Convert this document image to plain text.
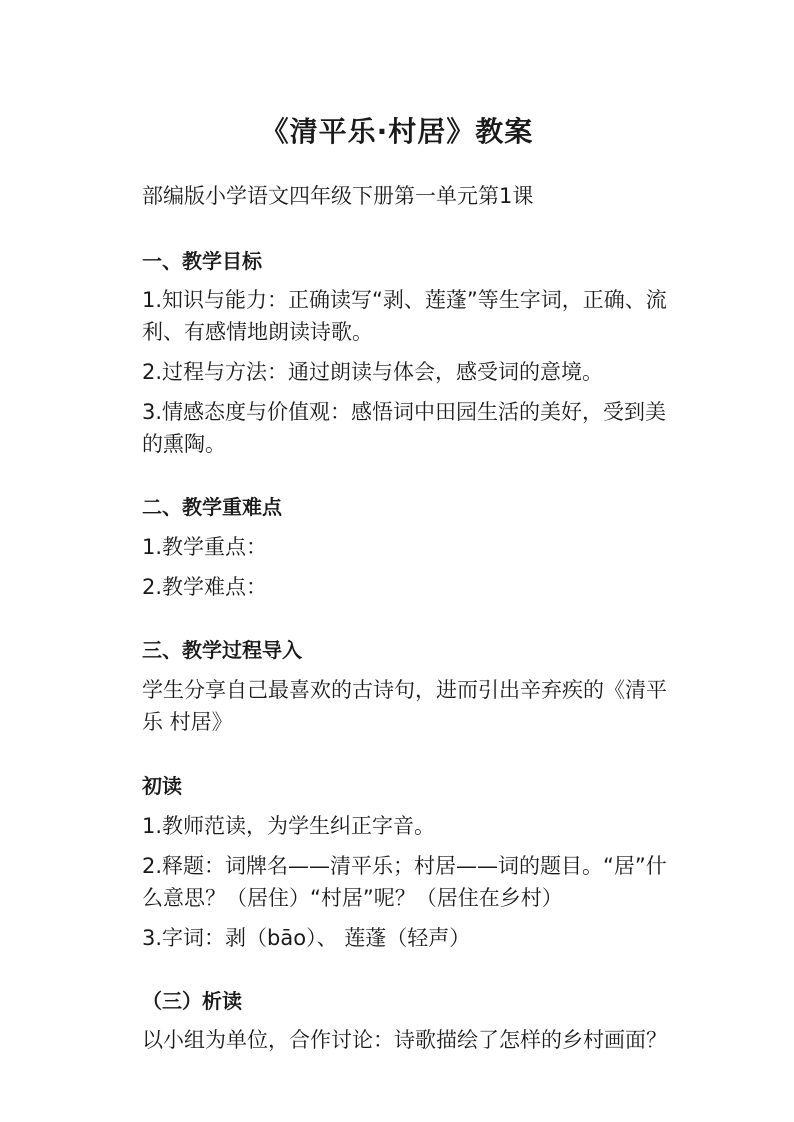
《清平乐·村居》教案
部编版小学语文四年级下册第一单元第1课
一、教学目标
1.知识与能力：正确读写“剥、莲蓬”等生字词，正确、流
利、有感情地朗读诗歌。
2.过程与方法：通过朗读与体会，感受词的意境。
3.情感态度与价值观：感悟词中田园生活的美好，受到美
的熏陶。
二、教学重难点
1.教学重点：
2.教学难点：
三、教学过程导入
学生分享自己最喜欢的古诗句，进而引出辛弃疾的《清平
乐 村居》
初读
1.教师范读，为学生纠正字音。
2.释题：词牌名——清平乐；村居——词的题目。“居”什
么意思？（居住）“村居”呢？（居住在乡村）
3.字词：剥（bāo）、 莲蓬（轻声）
（三）析读
以小组为单位，合作讨论：诗歌描绘了怎样的乡村画面？
